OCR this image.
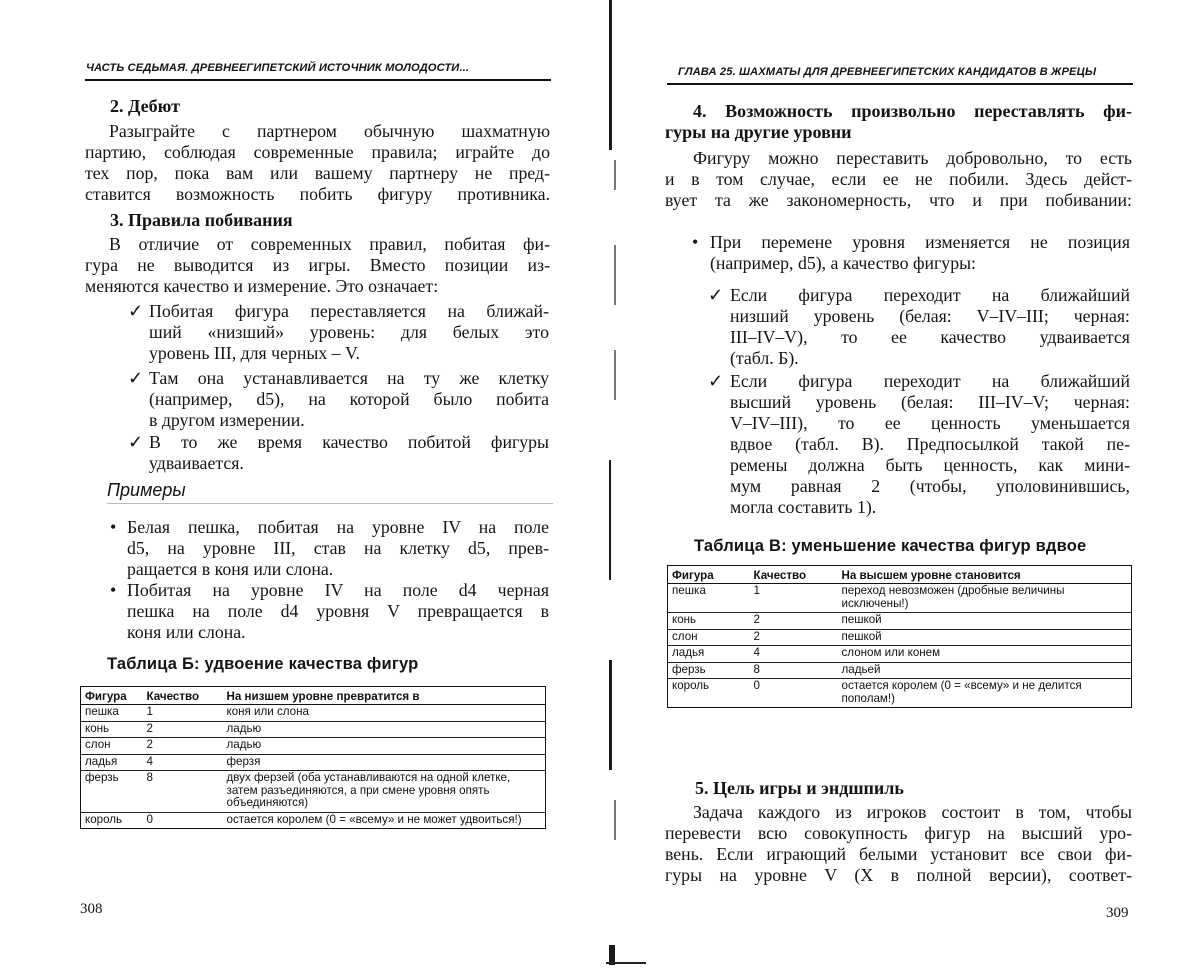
ЧАСТЬ СЕДЬМАЯ. ДРЕВНЕЕГИПЕТСКИЙ ИСТОЧНИК МОЛОДОСТИ...
2. Дебют
Разыграйте с партнером обычную шахматную
партию, соблюдая современные правила; играйте до
тех пор, пока вам или вашему партнеру не пред-
ставится возможность побить фигуру противника.
3. Правила побивания
В отличие от современных правил, побитая фи-
гура не выводится из игры. Вместо позиции из-
меняются качество и измерение. Это означает:
✓ Побитая фигура переставляется на ближай-
ший «низший» уровень: для белых это
уровень III, для черных – V.
✓ Там она устанавливается на ту же клетку
(например, d5), на которой было побита
в другом измерении.
✓ В то же время качество побитой фигуры
удваивается.
Примеры
• Белая пешка, побитая на уровне IV на поле
d5, на уровне III, став на клетку d5, прев-
ращается в коня или слона.
• Побитая на уровне IV на поле d4 черная
пешка на поле d4 уровня V превращается в
коня или слона.
Таблица Б: удвоение качества фигур
Фигура	Качество	На низшем уровне превратится в
пешка	1	коня или слона
конь	2	ладью
слон	2	ладью
ладья	4	ферзя
ферзь	8	двух ферзей (оба устанавливаются на одной клетке, затем разъединяются, а при смене уровня опять объединяются)
король	0	остается королем (0 = «всему» и не может удвоиться!)
308
ГЛАВА 25. ШАХМАТЫ ДЛЯ ДРЕВНЕЕГИПЕТСКИХ КАНДИДАТОВ В ЖРЕЦЫ
4. Возможность произвольно переставлять фи-
гуры на другие уровни
Фигуру можно переставить добровольно, то есть
и в том случае, если ее не побили. Здесь дейст-
вует та же закономерность, что и при побивании:
• При перемене уровня изменяется не позиция
(например, d5), а качество фигуры:
✓ Если фигура переходит на ближайший
низший уровень (белая: V–IV–III; черная:
III–IV–V), то ее качество удваивается
(табл. Б).
✓ Если фигура переходит на ближайший
высший уровень (белая: III–IV–V; черная:
V–IV–III), то ее ценность уменьшается
вдвое (табл. В). Предпосылкой такой пе-
ремены должна быть ценность, как мини-
мум равная 2 (чтобы, уполовинившись,
могла составить 1).
Таблица В: уменьшение качества фигур вдвое
Фигура	Качество	На высшем уровне становится
пешка	1	переход невозможен (дробные величины исключены!)
конь	2	пешкой
слон	2	пешкой
ладья	4	слоном или конем
ферзь	8	ладьей
король	0	остается королем (0 = «всему» и не делится пополам!)
5. Цель игры и эндшпиль
Задача каждого из игроков состоит в том, чтобы
перевести всю совокупность фигур на высший уро-
вень. Если играющий белыми установит все свои фи-
гуры на уровне V (X в полной версии), соответ-
309
